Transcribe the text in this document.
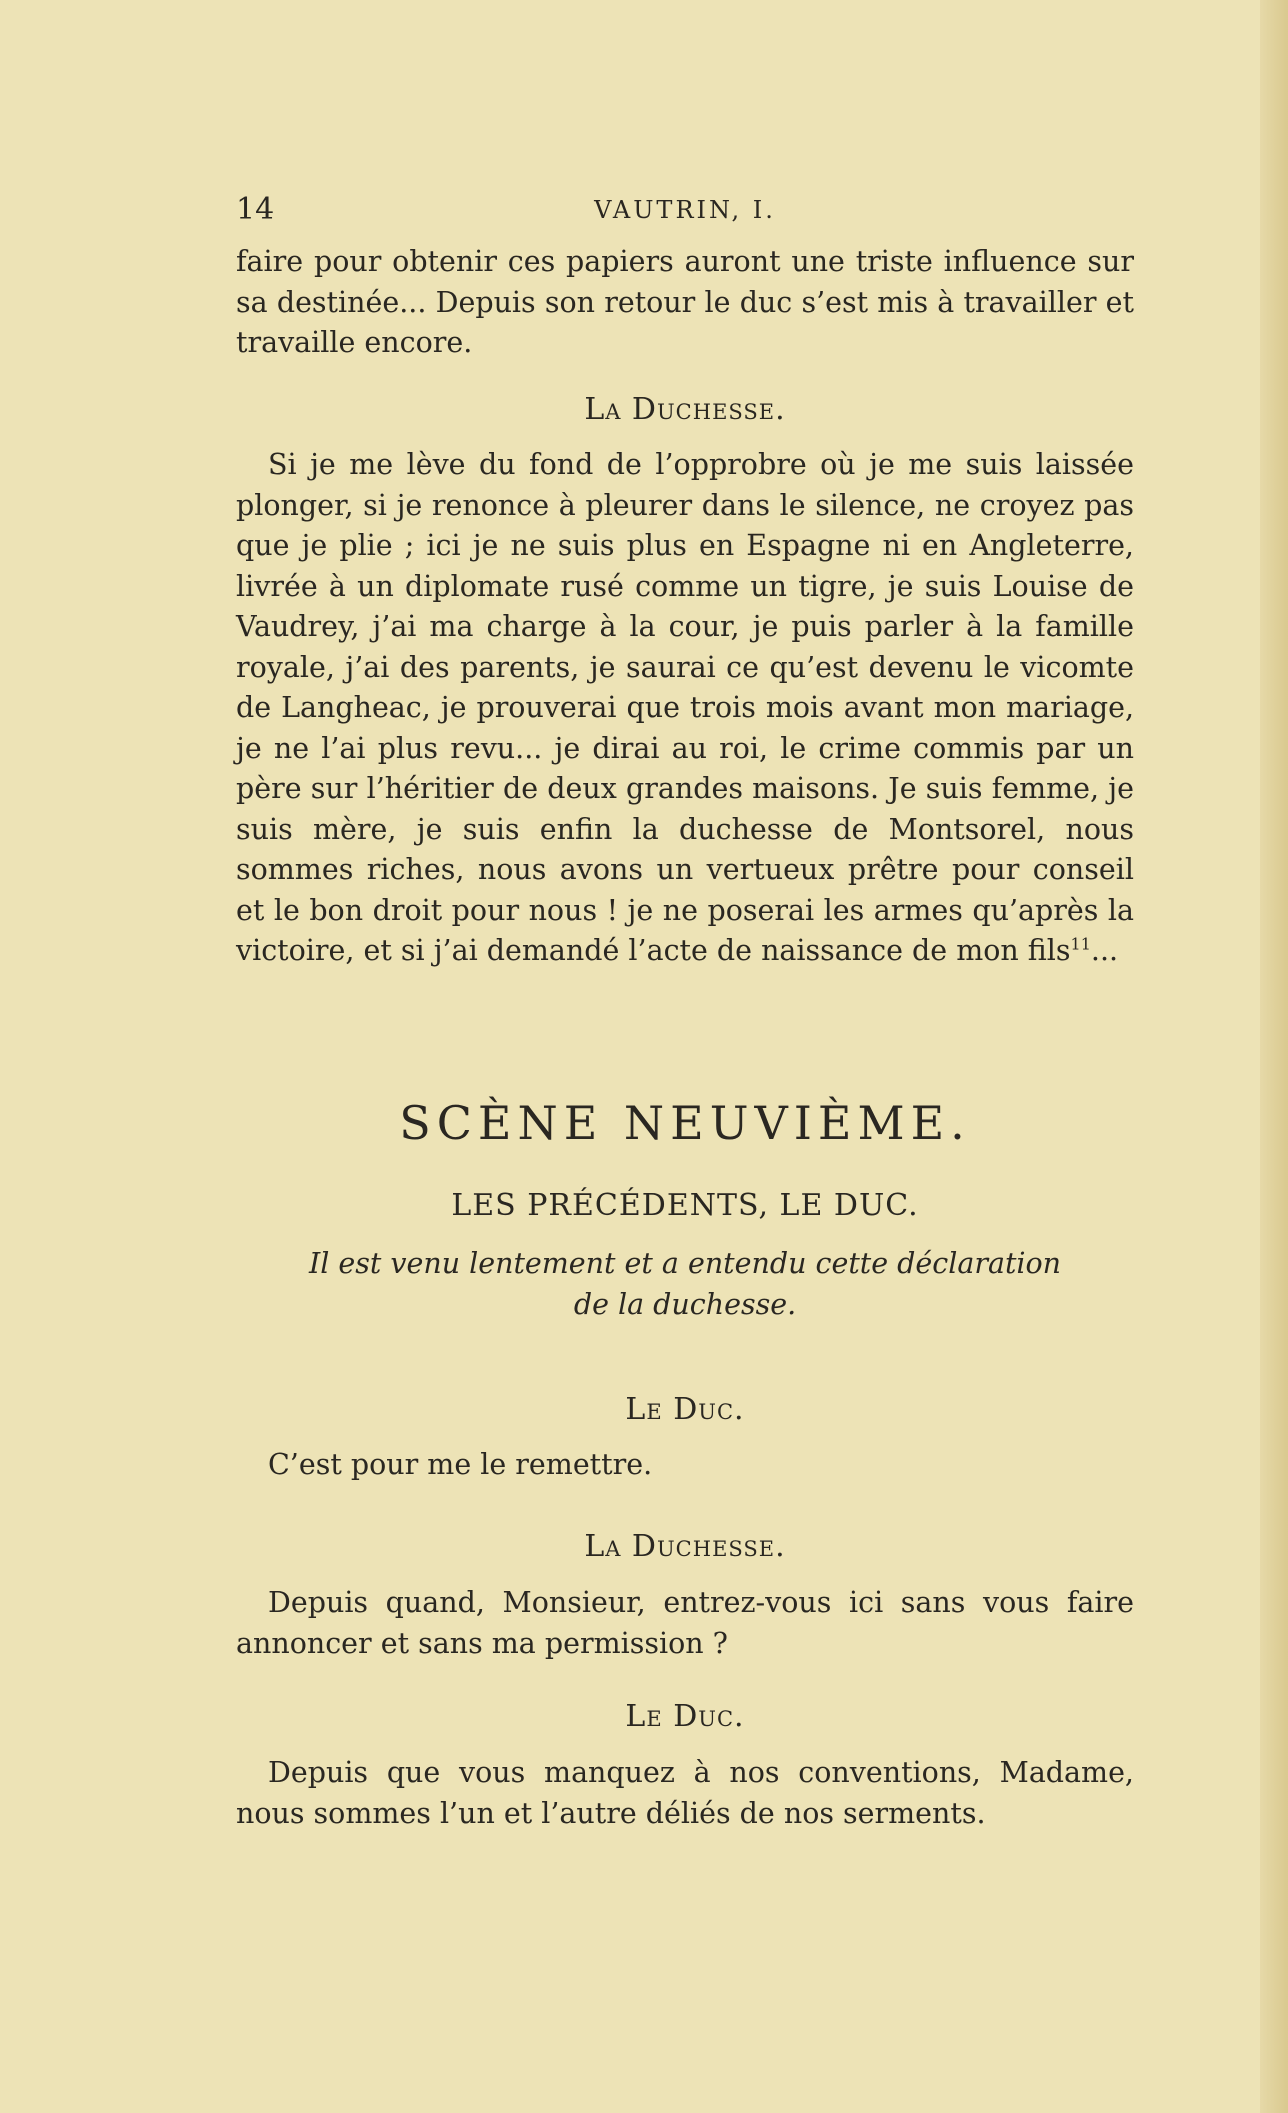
14	VAUTRIN, I.
faire pour obtenir ces papiers auront une triste influence sur sa destinée... Depuis son retour le duc s’est mis à travailler et travaille encore.
La Duchesse.
Si je me lève du fond de l’opprobre où je me suis laissée plonger, si je renonce à pleurer dans le silence, ne croyez pas que je plie ; ici je ne suis plus en Espagne ni en Angleterre, livrée à un diplomate rusé comme un tigre, je suis Louise de Vaudrey, j’ai ma charge à la cour, je puis parler à la famille royale, j’ai des parents, je saurai ce qu’est devenu le vicomte de Langheac, je prouverai que trois mois avant mon mariage, je ne l’ai plus revu... je dirai au roi, le crime commis par un père sur l’héritier de deux grandes maisons. Je suis femme, je suis mère, je suis enfin la duchesse de Montsorel, nous sommes riches, nous avons un vertueux prêtre pour conseil et le bon droit pour nous ! je ne poserai les armes qu’après la victoire, et si j’ai demandé l’acte de naissance de mon fils$^{11}$...
SCÈNE NEUVIÈME.
LES PRÉCÉDENTS, LE DUC.
Il est venu lentement et a entendu cette déclaration
de la duchesse.
Le Duc.
C’est pour me le remettre.
La Duchesse.
Depuis quand, Monsieur, entrez-vous ici sans vous faire annoncer et sans ma permission ?
Le Duc.
Depuis que vous manquez à nos conventions, Madame, nous sommes l’un et l’autre déliés de nos serments.
